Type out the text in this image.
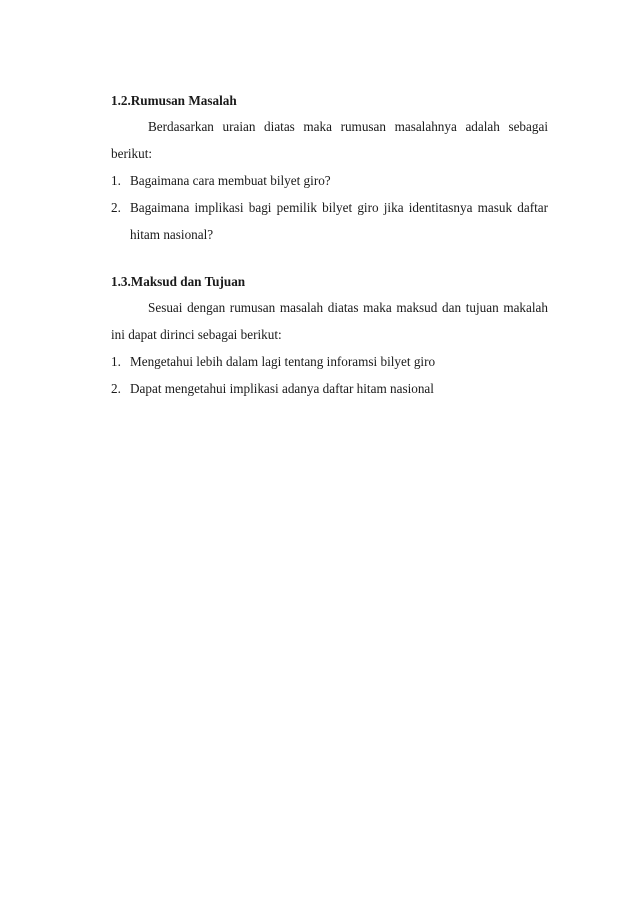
1.2.Rumusan Masalah
Berdasarkan uraian diatas maka rumusan masalahnya adalah sebagai
berikut:
1. Bagaimana cara membuat bilyet giro?
2. Bagaimana implikasi bagi pemilik bilyet giro jika identitasnya masuk daftar
hitam nasional?
1.3.Maksud dan Tujuan
Sesuai dengan rumusan masalah diatas maka maksud dan tujuan makalah
ini dapat dirinci sebagai berikut:
1. Mengetahui lebih dalam lagi tentang inforamsi bilyet giro
2. Dapat mengetahui implikasi adanya daftar hitam nasional
